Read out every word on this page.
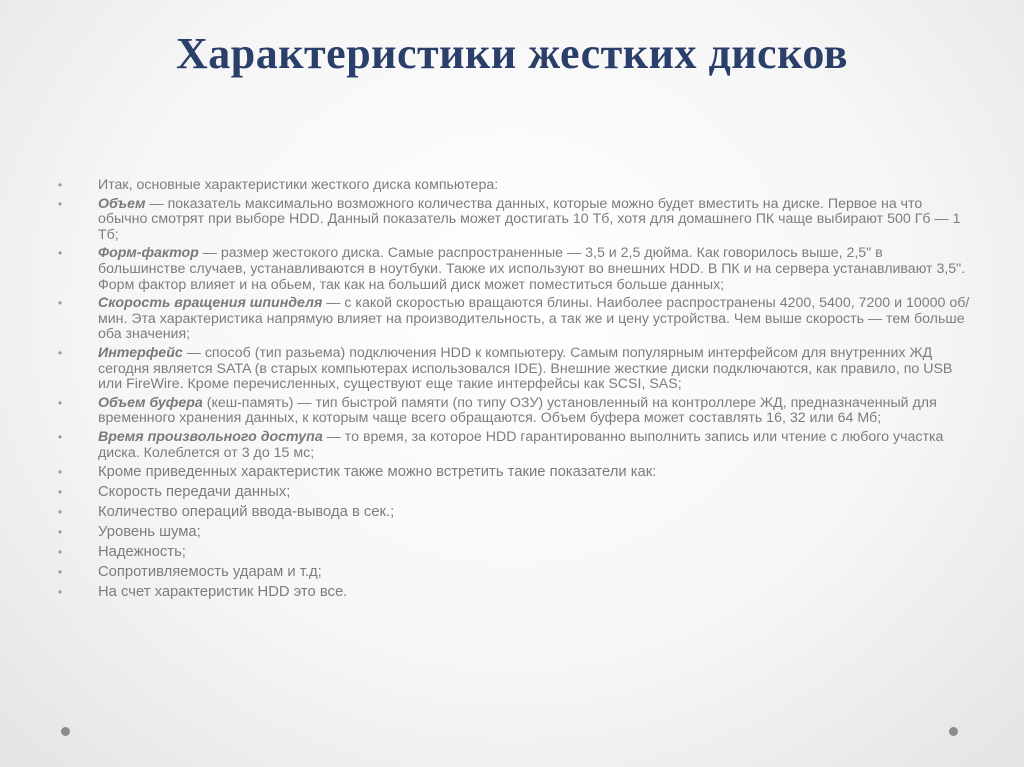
Характеристики жестких дисков
•	Итак, основные характеристики жесткого диска компьютера:
•	Объем — показатель максимально возможного количества данных, которые можно будет вместить на диске. Первое на что обычно смотрят при выборе HDD. Данный показатель может достигать 10 Тб, хотя для домашнего ПК чаще выбирают 500 Гб — 1 Тб;
•	Форм-фактор — размер жестокого диска. Самые распространенные — 3,5 и 2,5 дюйма. Как говорилось выше, 2,5" в большинстве случаев, устанавливаются в ноутбуки. Также их используют во внешних HDD. В ПК и на сервера устанавливают 3,5". Форм фактор влияет и на обьем, так как на больший диск может поместиться больше данных;
•	Скорость вращения шпинделя — с какой скоростью вращаются блины. Наиболее распространены 4200, 5400, 7200 и 10000 об/мин. Эта характеристика напрямую влияет на производительность, а так же и цену устройства. Чем выше скорость — тем больше оба значения;
•	Интерфейс — способ (тип разьема) подключения HDD к компьютеру. Самым популярным интерфейсом для внутренних ЖД сегодня является SATA (в старых компьютерах использовался IDE). Внешние жесткие диски подключаются, как правило, по USB или FireWire. Кроме перечисленных, существуют еще такие интерфейсы как SCSI, SAS;
•	Объем буфера (кеш-память) — тип быстрой памяти (по типу ОЗУ) установленный на контроллере ЖД, предназначенный для временного хранения данных, к которым чаще всего обращаются. Объем буфера может составлять 16, 32 или 64 Мб;
•	Время произвольного доступа — то время, за которое HDD гарантированно выполнить запись или чтение с любого участка диска. Колеблется от 3 до 15 мс;
• Кроме приведенных характеристик также можно встретить такие показатели как:
• Скорость передачи данных;
• Количество операций ввода-вывода в сек.;
• Уровень шума;
• Надежность;
• Сопротивляемость ударам и т.д;
• На счет характеристик HDD это все.
